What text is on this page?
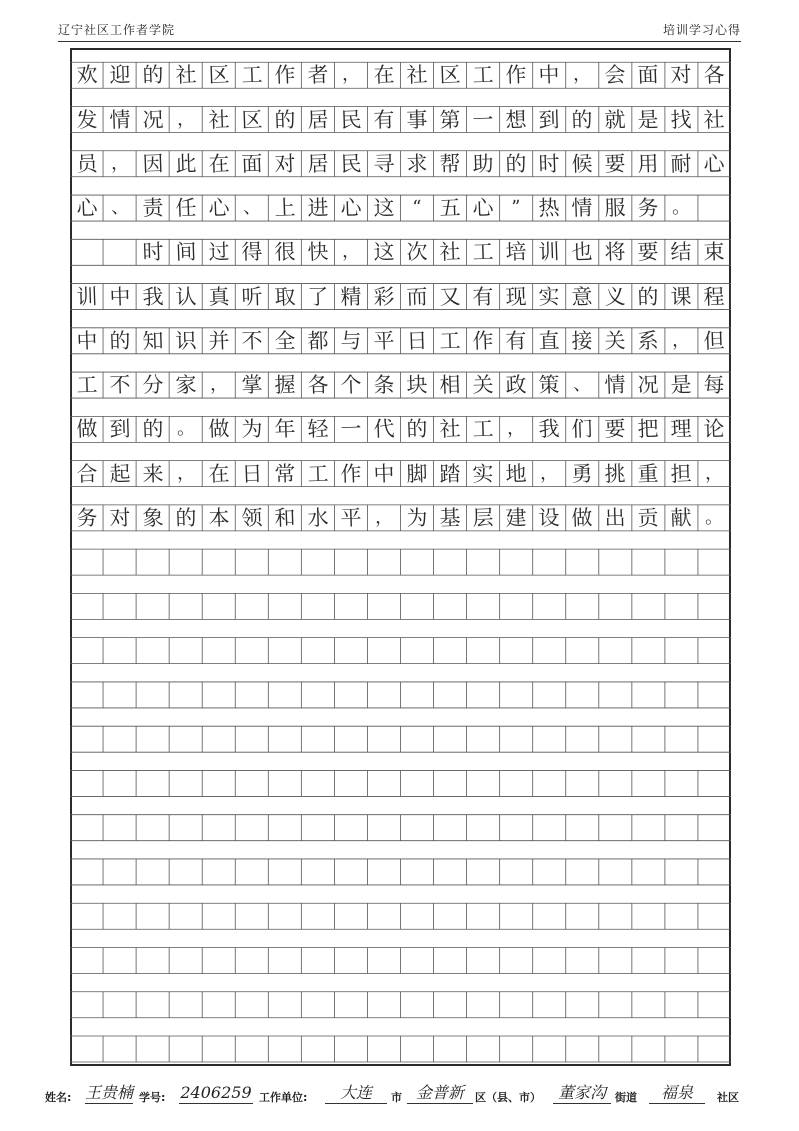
辽宁社区工作者学院	培训学习心得
欢 迎 的 社 区 工 作 者 ， 在 社 区 工 作 中 ， 会 面 对 各
发 情 况 ， 社 区 的 居 民 有 事 第 一 想 到 的 就 是 找 社
员 ， 因 此 在 面 对 居 民 寻 求 帮 助 的 时 候 要 用 耐 心
心 、 责 任 心 、 上 进 心 这 “ 五 心 ” 热 情 服 务 。

时 间 过 得 很 快 ， 这 次 社 工 培 训 也 将 要 结 束
训 中 我 认 真 听 取 了 精 彩 而 又 有 现 实 意 义 的 课 程
中 的 知 识 并 不 全 都 与 平 日 工 作 有 直 接 关 系 ， 但
工 不 分 家 ， 掌 握 各 个 条 块 相 关 政 策 、 情 况 是 每
做 到 的 。 做 为 年 轻 一 代 的 社 工 ， 我 们 要 把 理 论
合 起 来 ， 在 日 常 工 作 中 脚 踏 实 地 ， 勇 挑 重 担 ，
务 对 象 的 本 领 和 水 平 ， 为 基 层 建 设 做 出 贡 献 。
姓名: 王贵楠 学号: 2406259 工作单位:	大连	市 金普新	区（县、市）	董家沟 街道	福泉	社区
